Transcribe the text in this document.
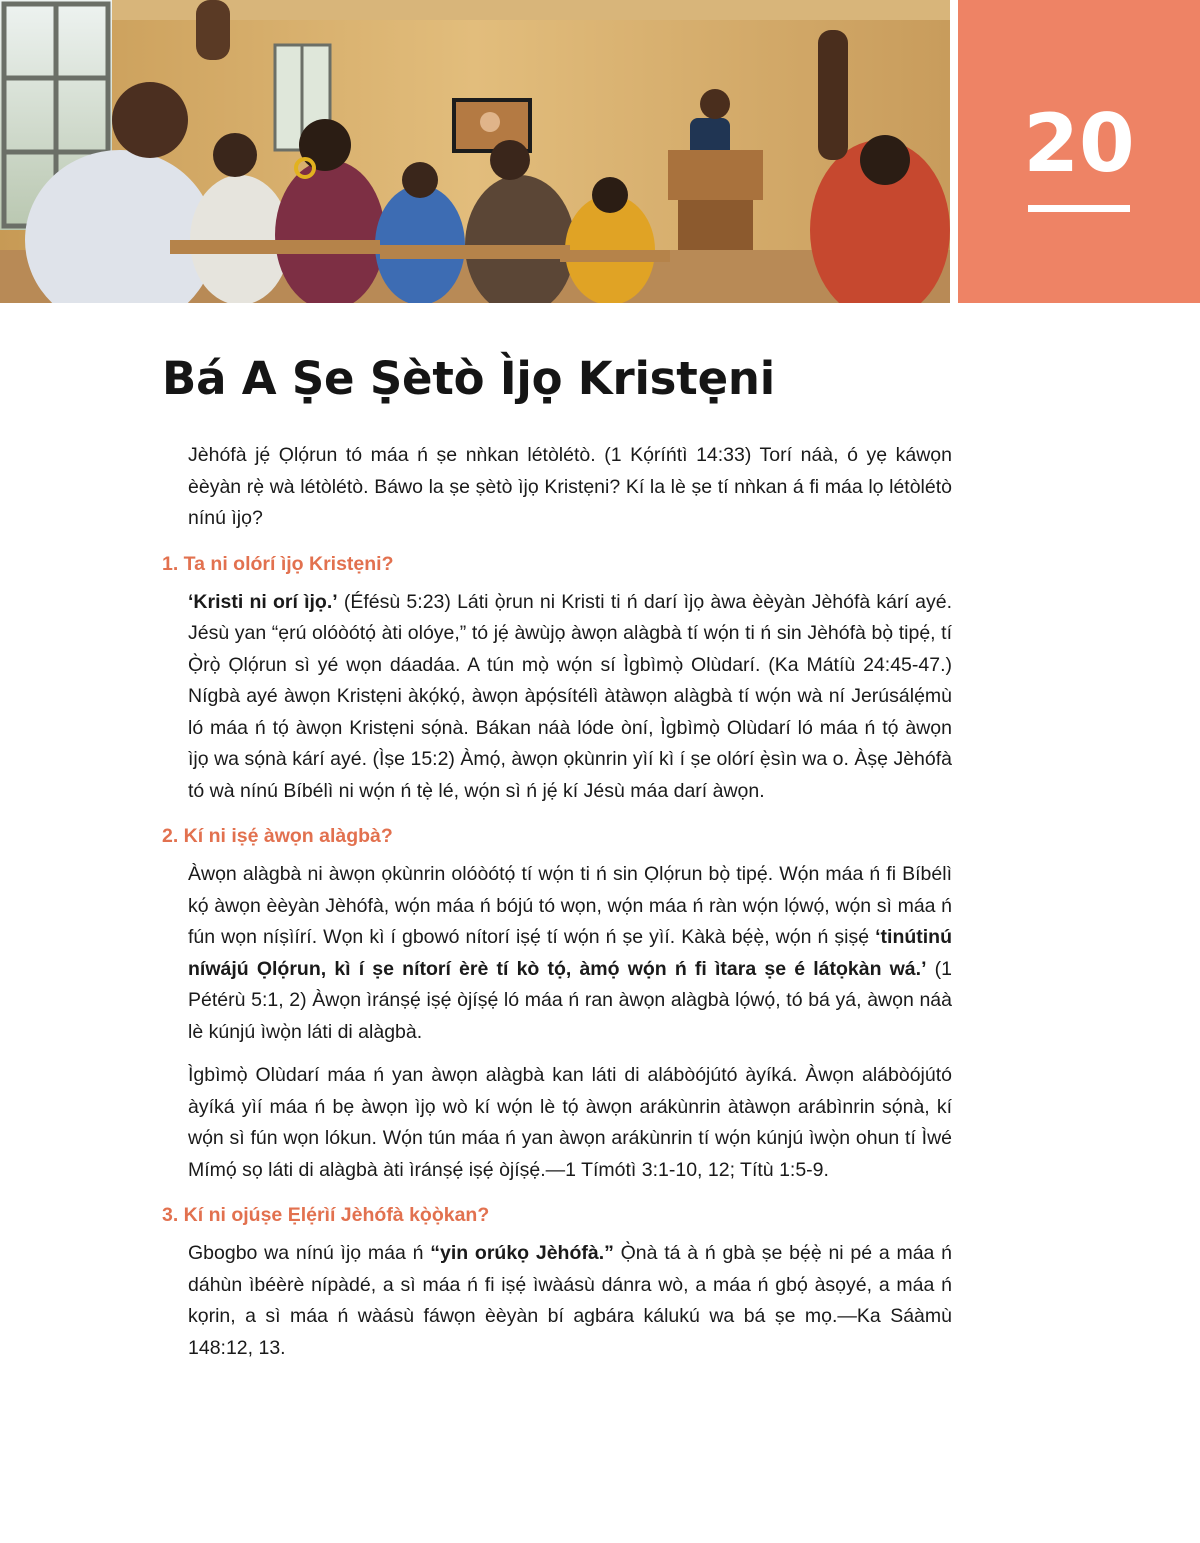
20
Bá A Ṣe Ṣètò Ìjọ Kristẹni

Jèhófà jẹ́ Ọlọ́run tó máa ń ṣe nǹkan létòlétò. (1 Kọ́ríńtì 14:33) Torí náà, ó yẹ káwọn èèyàn rẹ̀ wà létòlétò. Báwo la ṣe ṣètò ìjọ Kristẹni? Kí la lè ṣe tí nǹkan á fi máa lọ létòlétò nínú ìjọ?

1. Ta ni olórí ìjọ Kristẹni?

‘Kristi ni orí ìjọ.’ (Éfésù 5:23) Láti ọ̀run ni Kristi ti ń darí ìjọ àwa èèyàn Jèhófà kárí ayé. Jésù yan “ẹrú olóòótọ́ àti olóye,” tó jẹ́ àwùjọ àwọn alàgbà tí wọ́n ti ń sin Jèhófà bọ̀ tipẹ́, tí Ọ̀rọ̀ Ọlọ́run sì yé wọn dáadáa. A tún mọ̀ wọ́n sí Ìgbìmọ̀ Olùdarí. (Ka Mátíù 24:45-47.) Nígbà ayé àwọn Kristẹni àkọ́kọ́, àwọn àpọ́sítélì àtàwọn alàgbà tí wọ́n wà ní Jerúsálẹ́mù ló máa ń tọ́ àwọn Kristẹni sọ́nà. Bákan náà lóde òní, Ìgbìmọ̀ Olùdarí ló máa ń tọ́ àwọn ìjọ wa sọ́nà kárí ayé. (Ìṣe 15:2) Àmọ́, àwọn ọkùnrin yìí kì í ṣe olórí ẹ̀sìn wa o. Àṣẹ Jèhófà tó wà nínú Bíbélì ni wọ́n ń tẹ̀ lé, wọ́n sì ń jẹ́ kí Jésù máa darí àwọn.

2. Kí ni iṣẹ́ àwọn alàgbà?

Àwọn alàgbà ni àwọn ọkùnrin olóòótọ́ tí wọ́n ti ń sin Ọlọ́run bọ̀ tipẹ́. Wọ́n máa ń fi Bíbélì kọ́ àwọn èèyàn Jèhófà, wọ́n máa ń bójú tó wọn, wọ́n máa ń ràn wọ́n lọ́wọ́, wọ́n sì máa ń fún wọn níṣìírí. Wọn kì í gbowó nítorí iṣẹ́ tí wọ́n ń ṣe yìí. Kàkà bẹ́ẹ̀, wọ́n ń ṣiṣẹ́ ‘tinútinú níwájú Ọlọ́run, kì í ṣe nítorí èrè tí kò tọ́, àmọ́ wọ́n ń fi ìtara ṣe é látọkàn wá.’ (1 Pétérù 5:1, 2) Àwọn ìránṣẹ́ iṣẹ́ òjíṣẹ́ ló máa ń ran àwọn alàgbà lọ́wọ́, tó bá yá, àwọn náà lè kúnjú ìwọ̀n láti di alàgbà.

Ìgbìmọ̀ Olùdarí máa ń yan àwọn alàgbà kan láti di alábòójútó àyíká. Àwọn alábòójútó àyíká yìí máa ń bẹ àwọn ìjọ wò kí wọ́n lè tọ́ àwọn arákùnrin àtàwọn arábìnrin sọ́nà, kí wọ́n sì fún wọn lókun. Wọ́n tún máa ń yan àwọn arákùnrin tí wọ́n kúnjú ìwọ̀n ohun tí Ìwé Mímọ́ sọ láti di alàgbà àti ìránṣẹ́ iṣẹ́ òjíṣẹ́.—1 Tímótì 3:1-10, 12; Títù 1:5-9.

3. Kí ni ojúṣe Ẹlẹ́rìí Jèhófà kọ̀ọ̀kan?

Gbogbo wa nínú ìjọ máa ń “yin orúkọ Jèhófà.” Ọ̀nà tá à ń gbà ṣe bẹ́ẹ̀ ni pé a máa ń dáhùn ìbéèrè nípàdé, a sì máa ń fi iṣẹ́ ìwàásù dánra wò, a máa ń gbọ́ àsọyé, a máa ń kọrin, a sì máa ń wàásù fáwọn èèyàn bí agbára kálukú wa bá ṣe mọ.—Ka Sáàmù 148:12, 13.
